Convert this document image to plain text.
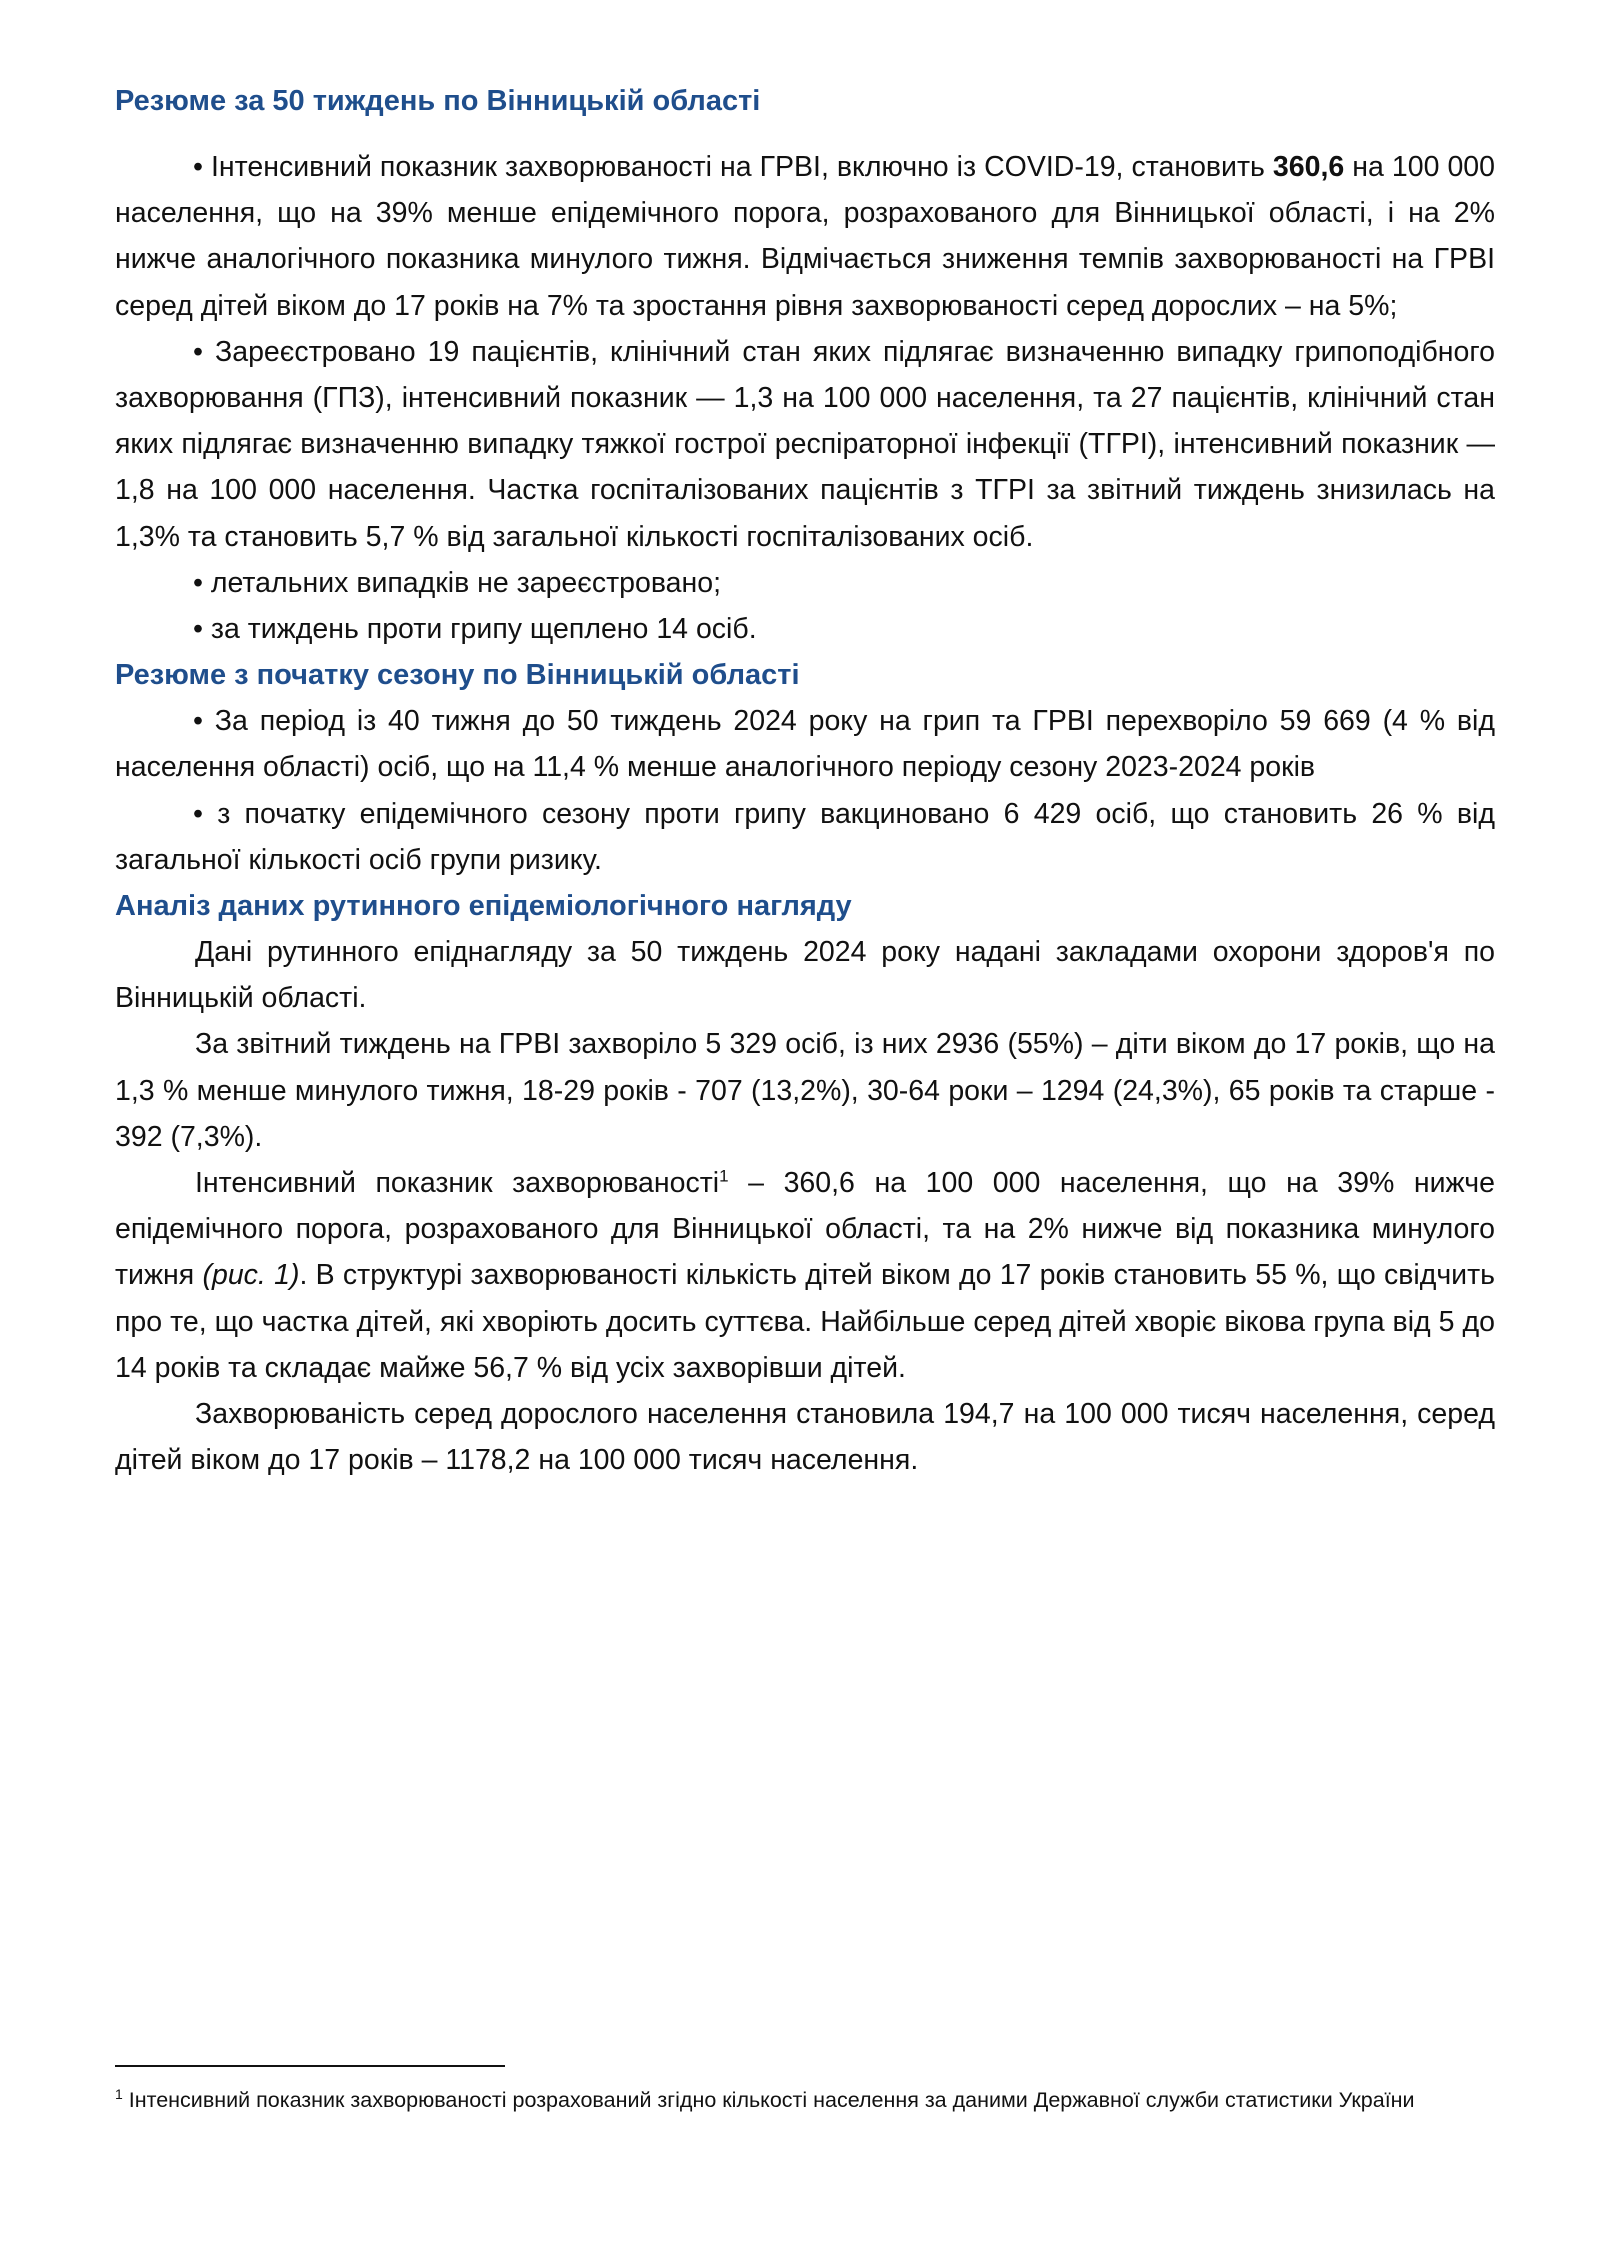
Резюме за 50 тиждень по Вінницькій області

• Інтенсивний показник захворюваності на ГРВІ, включно із COVID-19, становить 360,6 на 100 000 населення, що на 39% менше епідемічного порога, розрахованого для Вінницької області, і на 2% нижче аналогічного показника минулого тижня. Відмічається зниження темпів захворюваності на ГРВІ серед дітей віком до 17 років на 7% та зростання рівня захворюваності серед дорослих – на 5%;

• Зареєстровано 19 пацієнтів, клінічний стан яких підлягає визначенню випадку грипоподібного захворювання (ГПЗ), інтенсивний показник — 1,3 на 100 000 населення, та 27 пацієнтів, клінічний стан яких підлягає визначенню випадку тяжкої гострої респіраторної інфекції (ТГРІ), інтенсивний показник — 1,8 на 100 000 населення. Частка госпіталізованих пацієнтів з ТГРІ за звітний тиждень знизилась на 1,3% та становить 5,7 % від загальної кількості госпіталізованих осіб.

• летальних випадків не зареєстровано;

• за тиждень проти грипу щеплено 14 осіб.

Резюме з початку сезону по Вінницькій області

• За період із 40 тижня до 50 тиждень 2024 року на грип та ГРВІ перехворіло 59 669 (4 % від населення області) осіб, що на 11,4 % менше аналогічного періоду сезону 2023-2024 років

• з початку епідемічного сезону проти грипу вакциновано 6 429 осіб, що становить 26 % від загальної кількості осіб групи ризику.

Аналіз даних рутинного епідеміологічного нагляду

Дані рутинного епіднагляду за 50 тиждень 2024 року надані закладами охорони здоров'я по Вінницькій області.

За звітний тиждень на ГРВІ захворіло 5 329 осіб, із них 2936 (55%) – діти віком до 17 років, що на 1,3 % менше минулого тижня, 18-29 років - 707 (13,2%), 30-64 роки – 1294 (24,3%), 65 років та старше - 392 (7,3%).

Інтенсивний показник захворюваності$^1$ – 360,6 на 100 000 населення, що на 39% нижче епідемічного порога, розрахованого для Вінницької області, та на 2% нижче від показника минулого тижня (рис. 1). В структурі захворюваності кількість дітей віком до 17 років становить 55 %, що свідчить про те, що частка дітей, які хворіють досить суттєва. Найбільше серед дітей хворіє вікова група від 5 до 14 років та складає майже 56,7 % від усіх захворівши дітей.

Захворюваність серед дорослого населення становила 194,7 на 100 000 тисяч населення, серед дітей віком до 17 років – 1178,2 на 100 000 тисяч населення.

$^1$ Інтенсивний показник захворюваності розрахований згідно кількості населення за даними Державної служби статистики України
